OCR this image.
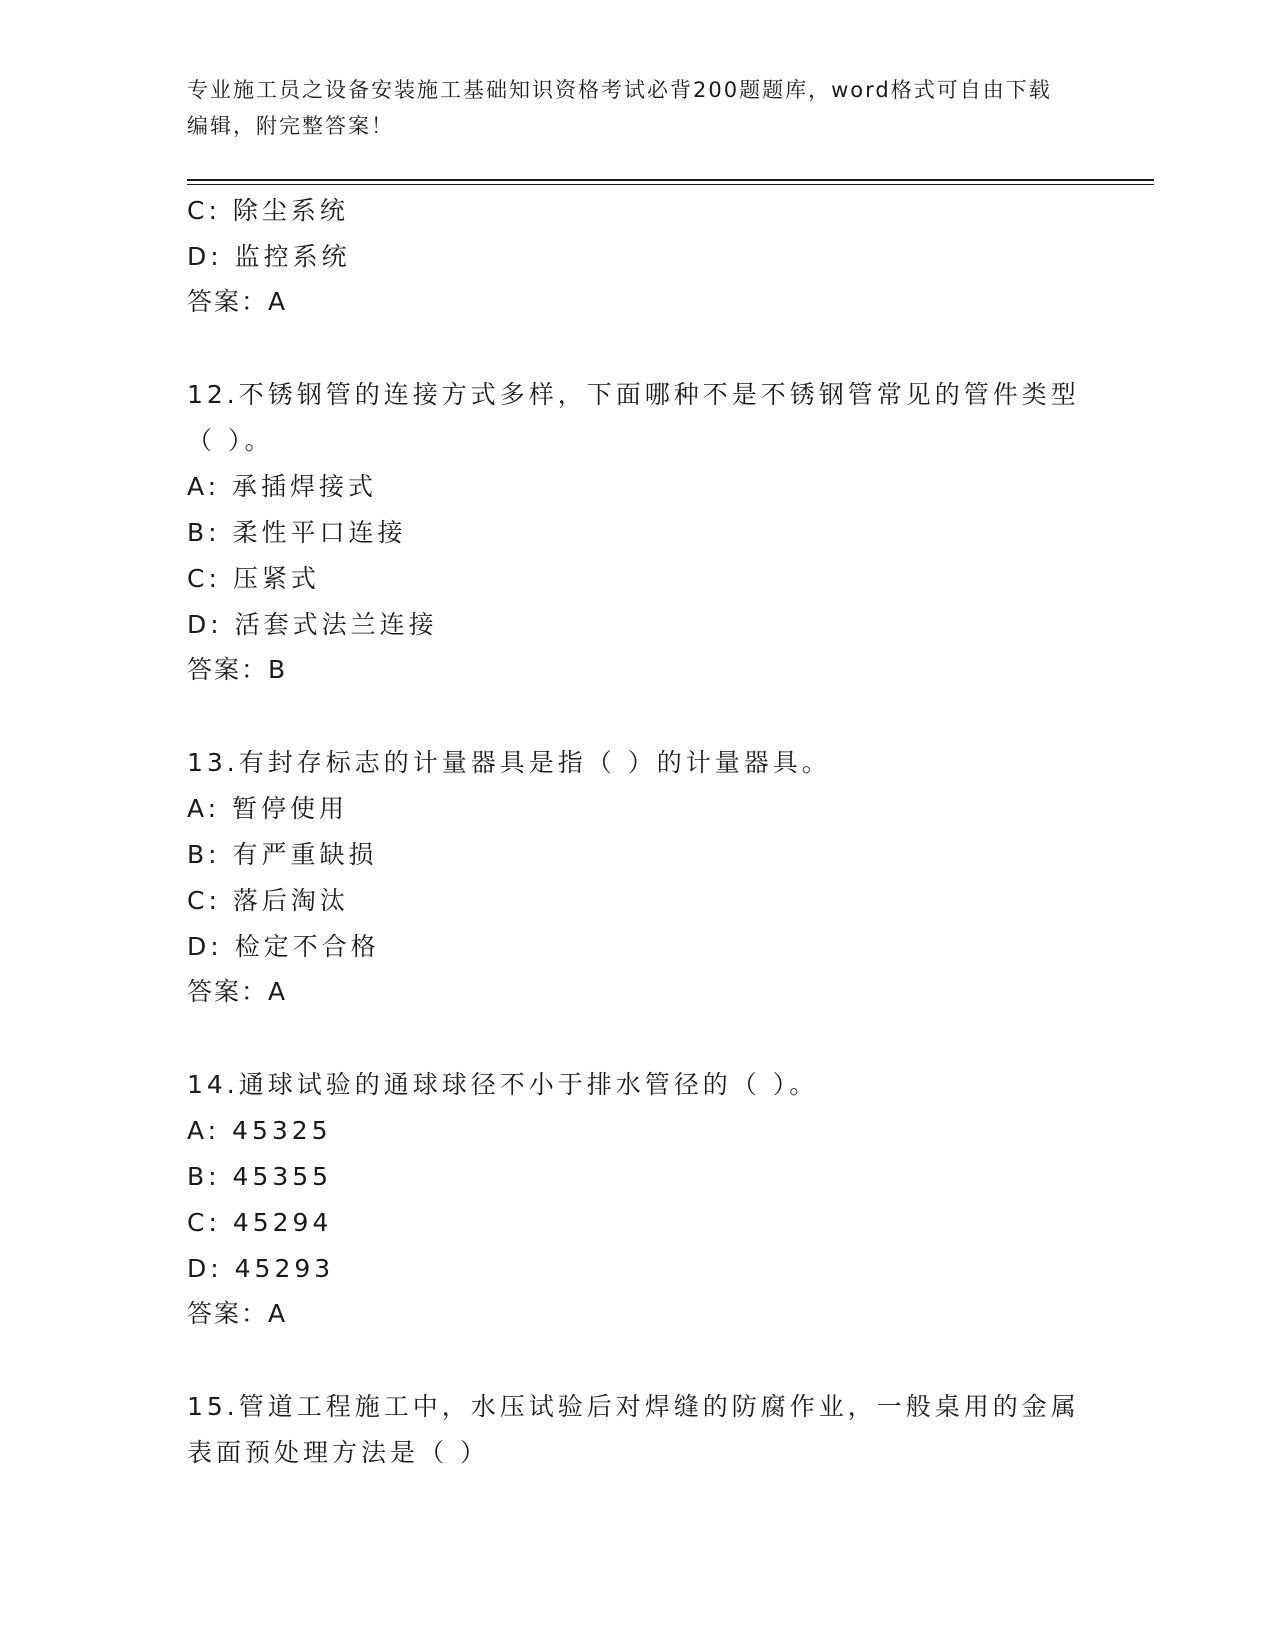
专业施工员之设备安装施工基础知识资格考试必背200题题库，word格式可自由下载编辑，附完整答案！
C: 除尘系统
D: 监控系统
答案：A
12.不锈钢管的连接方式多样，下面哪种不是不锈钢管常见的管件类型（ ）。
A: 承插焊接式
B: 柔性平口连接
C: 压紧式
D: 活套式法兰连接
答案：B
13.有封存标志的计量器具是指（ ）的计量器具。
A: 暂停使用
B: 有严重缺损
C: 落后淘汰
D: 检定不合格
答案：A
14.通球试验的通球球径不小于排水管径的（ ）。
A: 45325
B: 45355
C: 45294
D: 45293
答案：A
15.管道工程施工中，水压试验后对焊缝的防腐作业，一般桌用的金属表面预处理方法是（ ）
